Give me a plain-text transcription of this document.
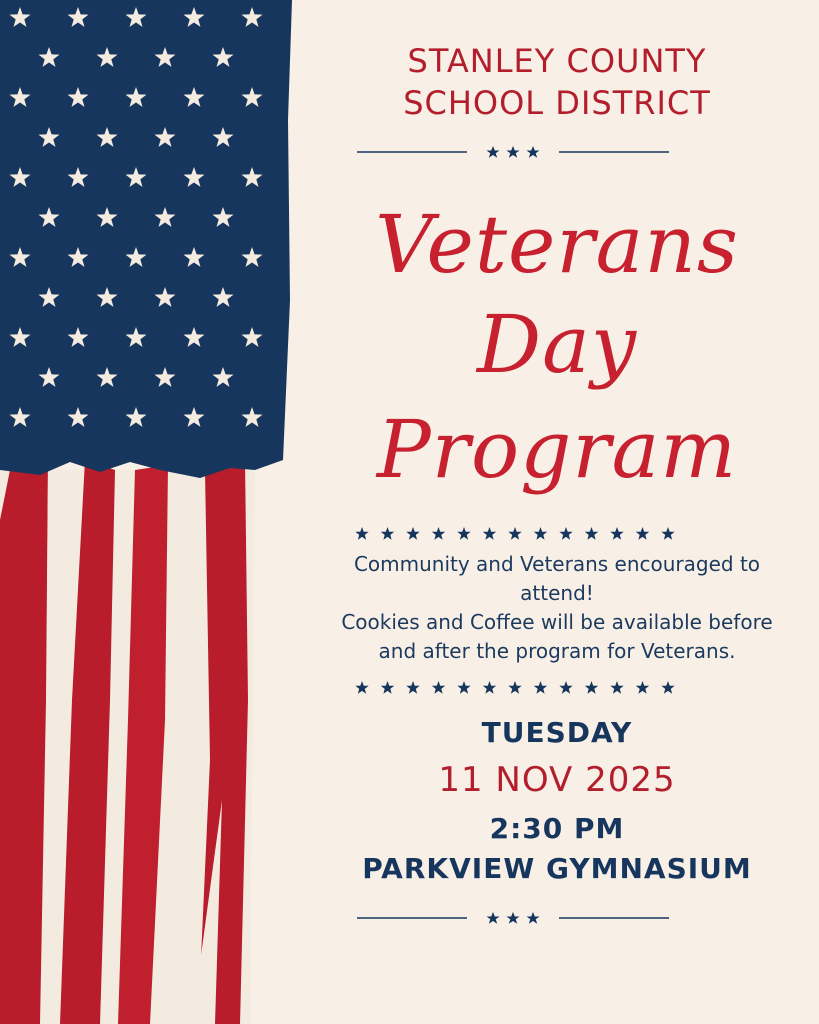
STANLEY COUNTY
SCHOOL DISTRICT
Veterans
Day
Program
Community and Veterans encouraged to
attend!
Cookies and Coffee will be available before
and after the program for Veterans.
TUESDAY
11 NOV 2025
2:30 PM
PARKVIEW GYMNASIUM
